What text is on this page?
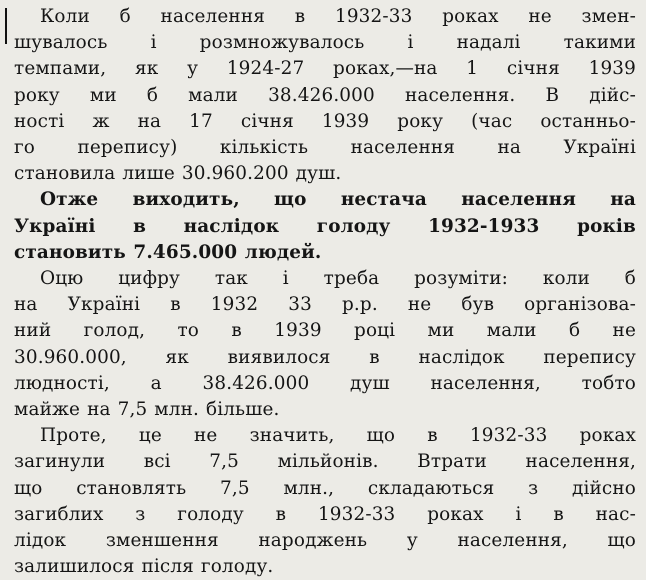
Коли б населення в 1932-33 роках не змен-
шувалось і розмножувалось і надалі такими
темпами, як у 1924-27 роках,—на 1 січня 1939
року ми б мали 38.426.000 населення. В дійс-
ності ж на 17 січня 1939 року (час останньо-
го перепису) кількість населення на Україні
становила лише 30.960.200 душ.

Отже виходить, що нестача населення на
Україні в наслідок голоду 1932-1933 років
становить 7.465.000 людей.

Оцю цифру так і треба розуміти: коли б
на Україні в 1932 33 р.р. не був організова-
ний голод, то в 1939 році ми мали б не
30.960.000, як виявилося в наслідок перепису
людності, а 38.426.000 душ населення, тобто
майже на 7,5 млн. більше.

Проте, це не значить, що в 1932-33 роках
загинули всі 7,5 мільйонів. Втрати населення,
що становлять 7,5 млн., складаються з дійсно
загиблих з голоду в 1932-33 роках і в нас-
лідок зменшення народжень у населення, що
залишилося після голоду.
